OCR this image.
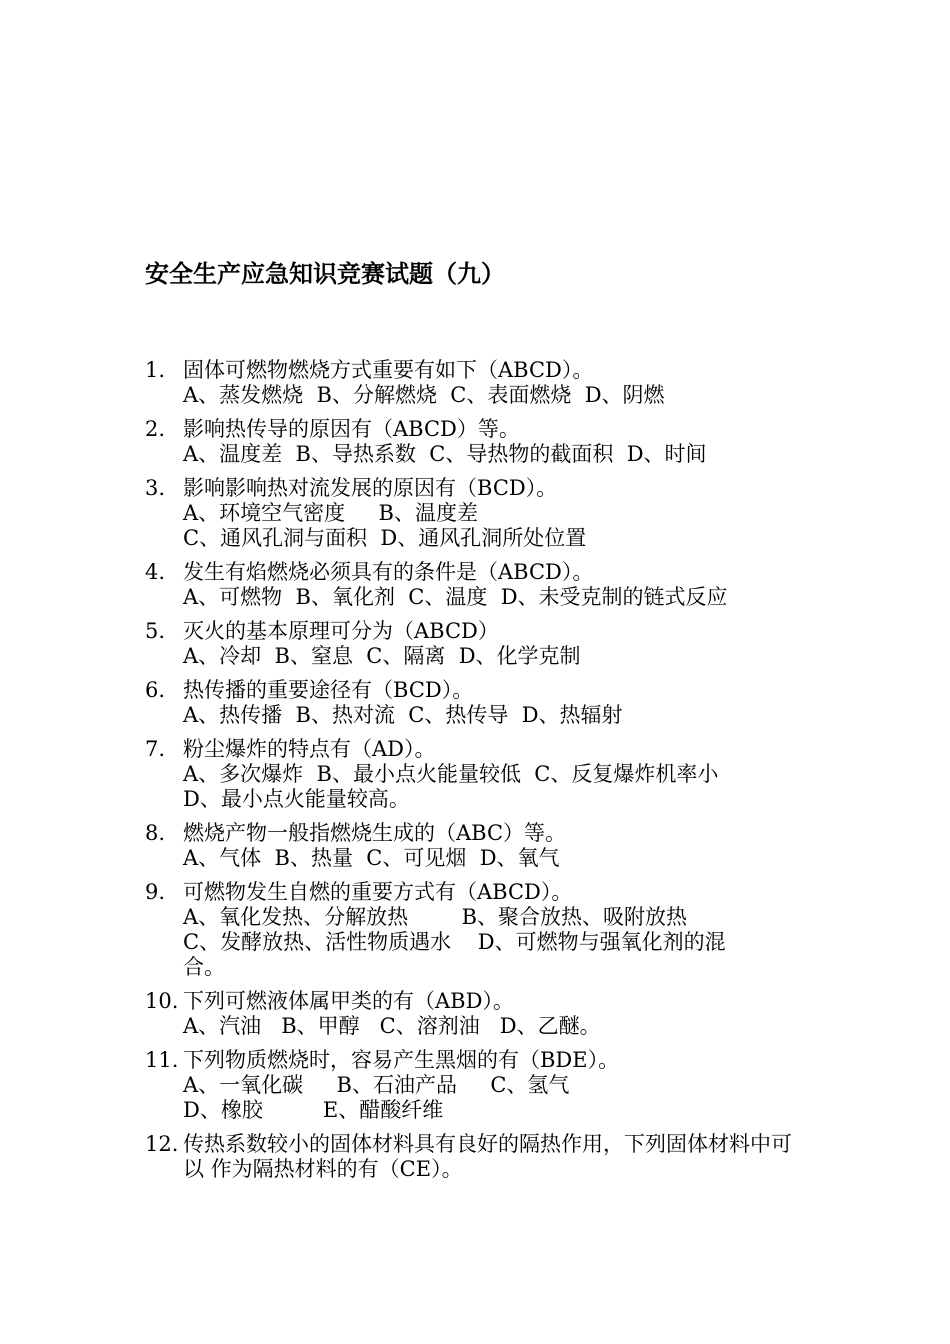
安全生产应急知识竞赛试题（九）
1. 固体可燃物燃烧方式重要有如下（ABCD）。
A、蒸发燃烧  B、分解燃烧  C、表面燃烧  D、阴燃
2. 影响热传导的原因有（ABCD）等。
A、温度差  B、导热系数  C、导热物的截面积  D、时间
3. 影响影响热对流发展的原因有（BCD）。
A、环境空气密度     B、温度差
C、通风孔洞与面积  D、通风孔洞所处位置
4. 发生有焰燃烧必须具有的条件是（ABCD）。
A、可燃物  B、氧化剂  C、温度  D、未受克制的链式反应
5. 灭火的基本原理可分为（ABCD）
A、冷却  B、窒息  C、隔离  D、化学克制
6. 热传播的重要途径有（BCD）。
A、热传播  B、热对流  C、热传导  D、热辐射
7. 粉尘爆炸的特点有（AD）。
A、多次爆炸  B、最小点火能量较低  C、反复爆炸机率小
D、最小点火能量较高。
8. 燃烧产物一般指燃烧生成的（ABC）等。
A、气体  B、热量  C、可见烟  D、氧气
9. 可燃物发生自燃的重要方式有（ABCD）。
A、氧化发热、分解放热        B、聚合放热、吸附放热
C、发酵放热、活性物质遇水    D、可燃物与强氧化剂的混
合。
10. 下列可燃液体属甲类的有（ABD）。
A、汽油   B、甲醇   C、溶剂油   D、乙醚。
11. 下列物质燃烧时，容易产生黑烟的有（BDE）。
A、一氧化碳     B、石油产品     C、氢气
D、橡胶         E、醋酸纤维
12. 传热系数较小的固体材料具有良好的隔热作用，下列固体材料中可以 作为隔热材料的有（CE）。
